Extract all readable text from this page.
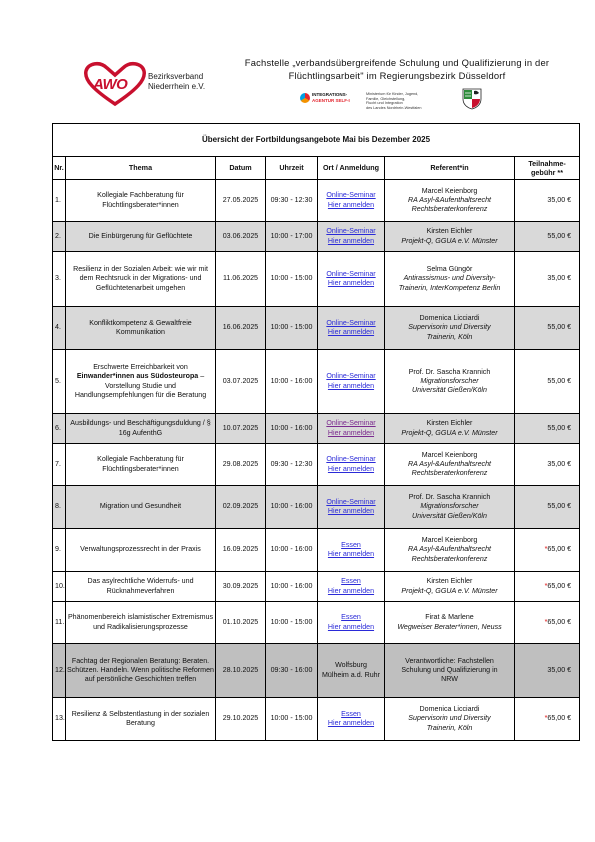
AWO	Bezirksverband
Niederrhein e.V.
Fachstelle „verbandsübergreifende Schulung und Qualifizierung in der
Flüchtlingsarbeit" im Regierungsbezirk Düsseldorf
INTEGRATIONS-
AGENTUR SELF-I
Ministerium für Kinder, Jugend,
Familie, Gleichstellung,
Flucht und Integration
des Landes Nordrhein-Westfalen
Übersicht der Fortbildungsangebote Mai bis Dezember 2025						
Nr.	Thema	Datum	Uhrzeit	Ort / Anmeldung	Referent*in	Teilnahme-
gebühr **
1.	Kollegiale Fachberatung für Flüchtlingsberater*innen	27.05.2025	09:30 - 12:30	Online-Seminar
Hier anmelden	Marcel Keienborg
RA Asyl-&Aufenthaltsrecht
Rechtsberaterkonferenz	35,00 €
2.	Die Einbürgerung für Geflüchtete	03.06.2025	10:00 - 17:00	Online-Seminar
Hier anmelden	Kirsten Eichler
Projekt-Q, GGUA e.V. Münster	55,00 €
3.	Resilienz in der Sozialen Arbeit: wie wir mit dem Rechtsruck in der Migrations- und Geflüchtetenarbeit umgehen	11.06.2025	10:00 - 15:00	Online-Seminar
Hier anmelden	Selma Güngör
Antirassismus- und Diversity-
Trainerin, InterKompetenz Berlin	35,00 €
4.	Konfliktkompetenz & Gewaltfreie Kommunikation	16.06.2025	10:00 - 15:00	Online-Seminar
Hier anmelden	Domenica Licciardi
Supervisorin und Diversity
Trainerin, Köln	55,00 €
5.	Erschwerte Erreichbarkeit von Einwander*innen aus Südosteuropa – Vorstellung Studie und Handlungsempfehlungen für die Beratung	03.07.2025	10:00 - 16:00	Online-Seminar
Hier anmelden	Prof. Dr. Sascha Krannich
Migrationsforscher
Universität Gießen/Köln	55,00 €
6.	Ausbildungs- und Beschäftigungsduldung / § 16g AufenthG	10.07.2025	10:00 - 16:00	Online-Seminar
Hier anmelden	Kirsten Eichler
Projekt-Q, GGUA e.V. Münster	55,00 €
7.	Kollegiale Fachberatung für Flüchtlingsberater*innen	29.08.2025	09:30 - 12:30	Online-Seminar
Hier anmelden	Marcel Keienborg
RA Asyl-&Aufenthaltsrecht
Rechtsberaterkonferenz	35,00 €
8.	Migration und Gesundheit	02.09.2025	10:00 - 16:00	Online-Seminar
Hier anmelden	Prof. Dr. Sascha Krannich
Migrationsforscher
Universität Gießen/Köln	55,00 €
9.	Verwaltungsprozessrecht in der Praxis	16.09.2025	10:00 - 16:00	Essen
Hier anmelden	Marcel Keienborg
RA Asyl-&Aufenthaltsrecht
Rechtsberaterkonferenz	*65,00 €
10.	Das asylrechtliche Widerrufs- und Rücknahmeverfahren	30.09.2025	10:00 - 16:00	Essen
Hier anmelden	Kirsten Eichler
Projekt-Q, GGUA e.V. Münster	*65,00 €
11.	Phänomenbereich islamistischer Extremismus und Radikalisierungsprozesse	01.10.2025	10:00 - 15:00	Essen
Hier anmelden	Firat & Marlene
Wegweiser Berater*innen, Neuss	*65,00 €
12.	Fachtag der Regionalen Beratung: Beraten. Schützen. Handeln. Wenn politische Reformen auf persönliche Geschichten treffen	28.10.2025	09:30 - 16:00	Wolfsburg
Mülheim a.d. Ruhr	Verantwortliche: Fachstellen
Schulung und Qualifizierung in
NRW	35,00 €
13.	Resilienz & Selbstentlastung in der sozialen Beratung	29.10.2025	10:00 - 15:00	Essen
Hier anmelden	Domenica Licciardi
Supervisorin und Diversity
Trainerin, Köln	*65,00 €
